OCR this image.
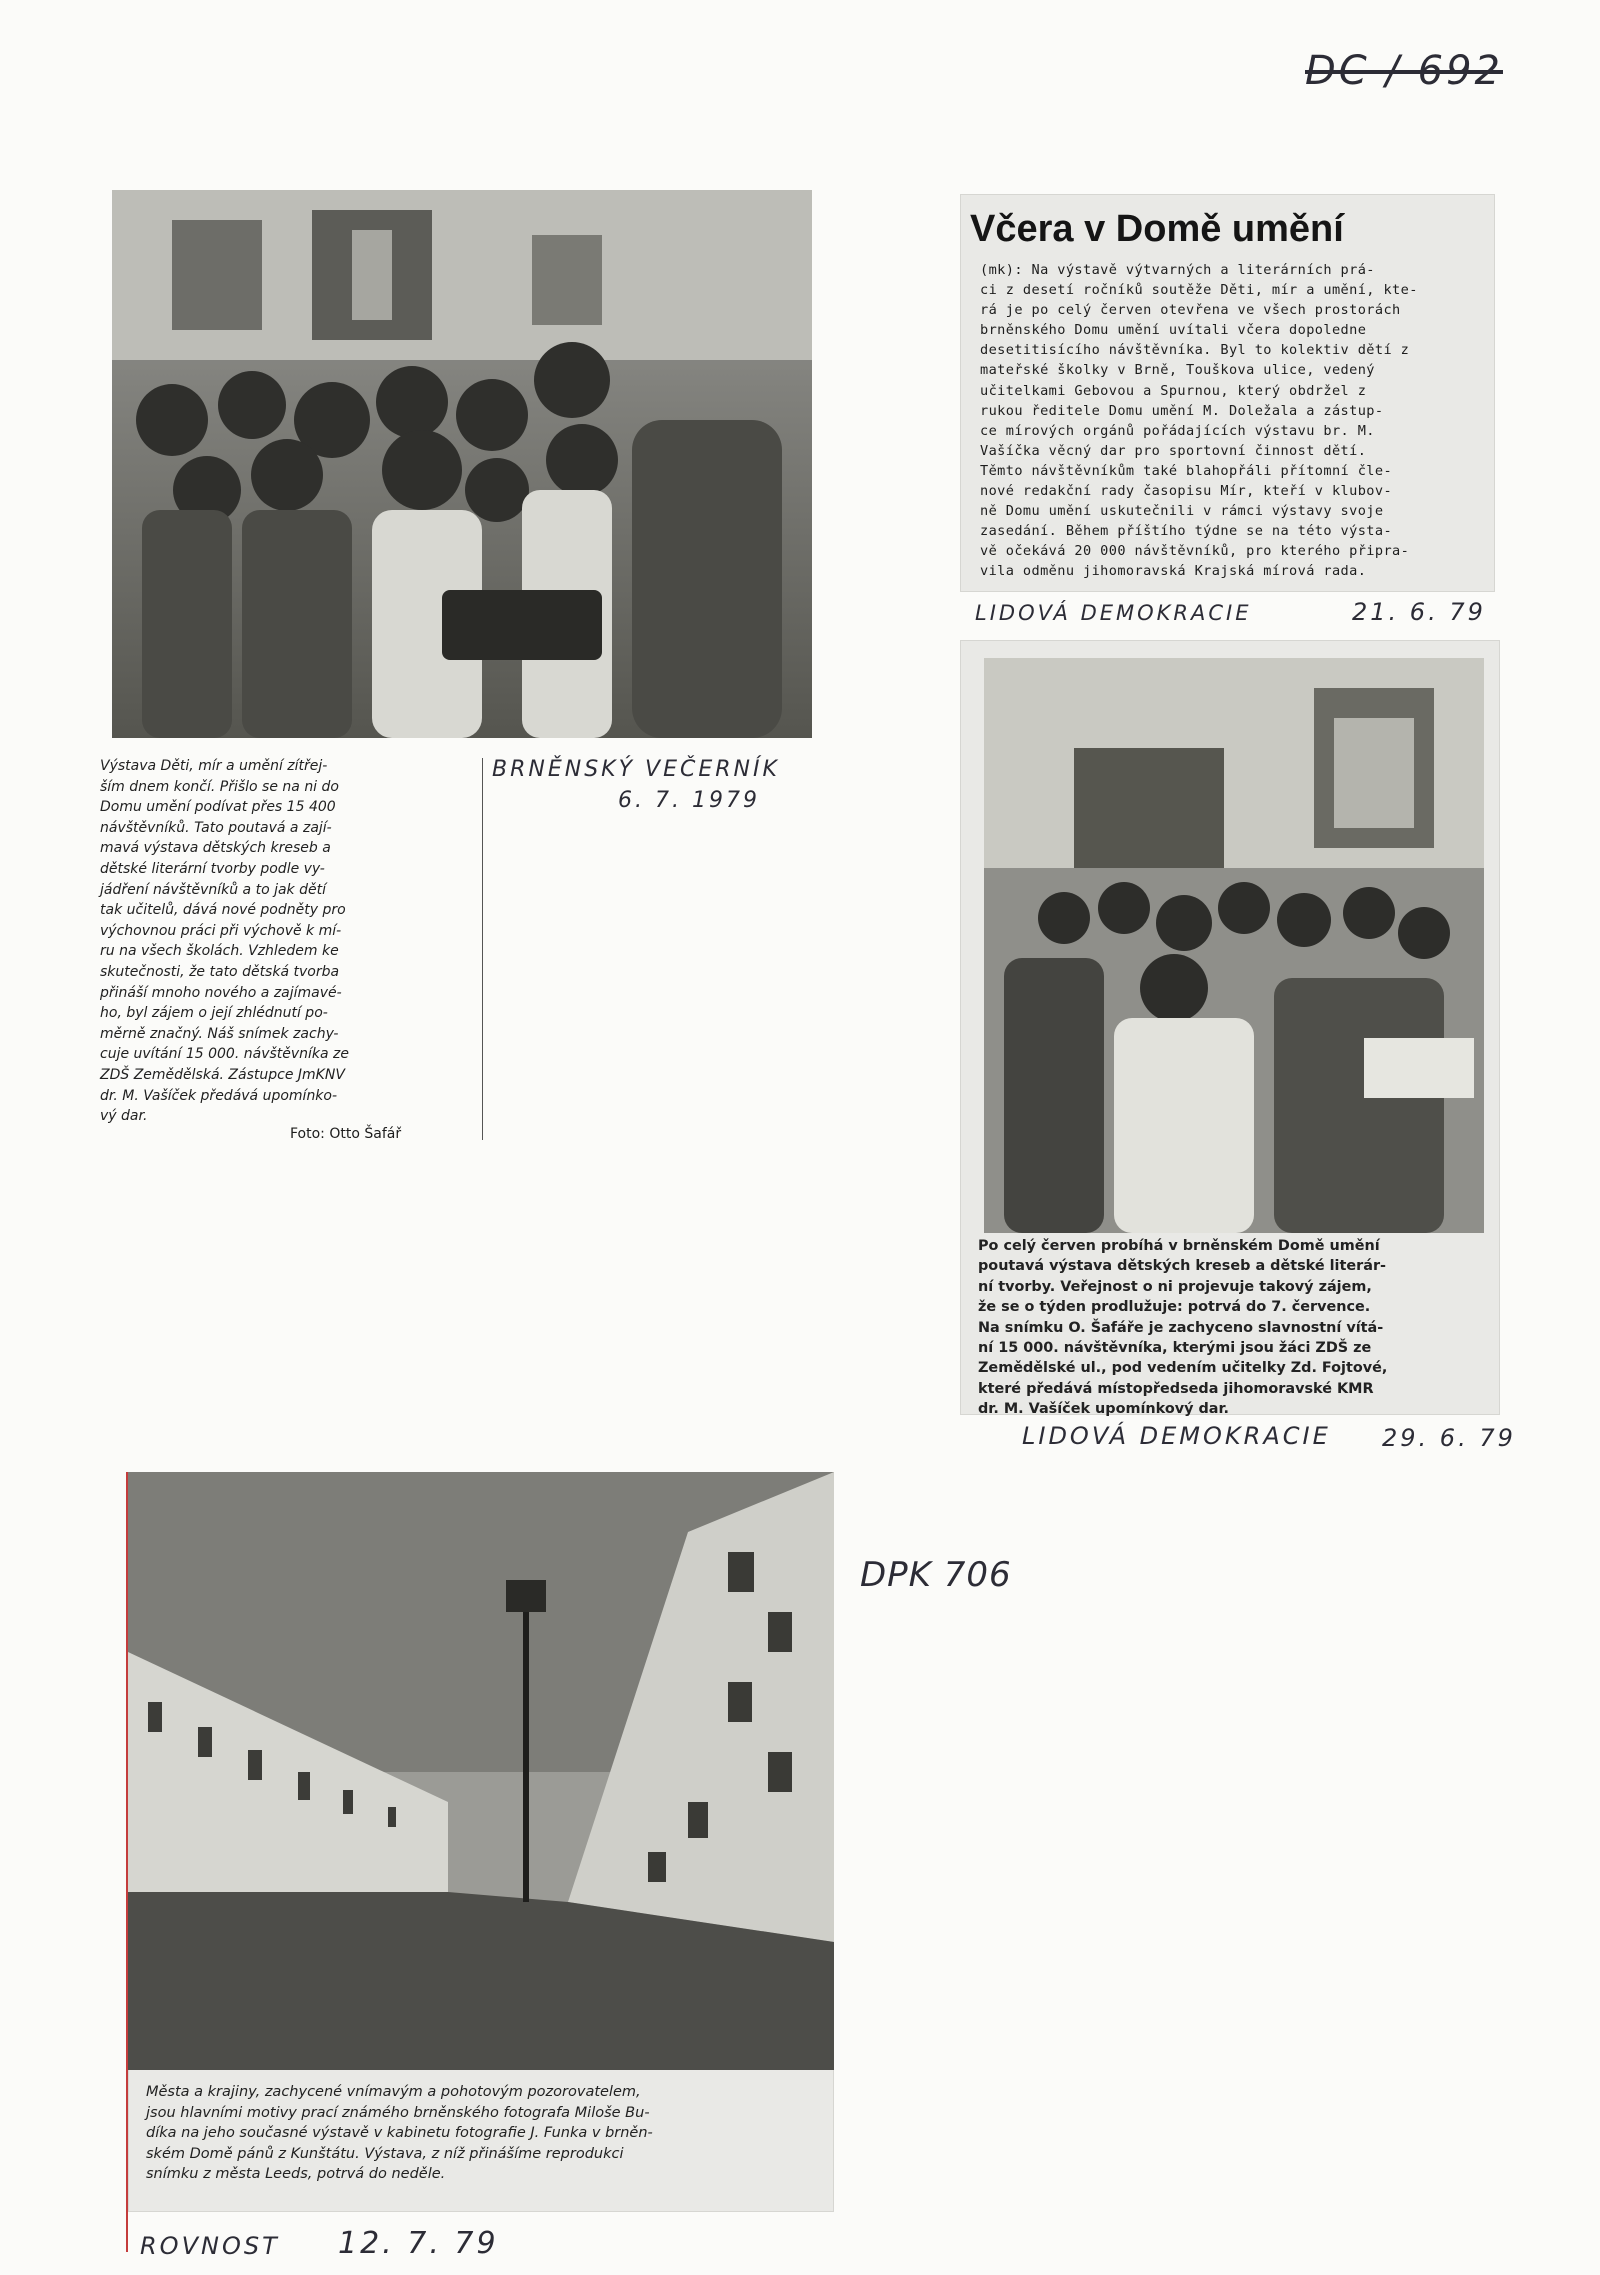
DC / 692
Výstava Děti, mír a umění zítřej-
ším dnem končí. Přišlo se na ni do
Domu umění podívat přes 15 400
návštěvníků. Tato poutavá a zají-
mavá výstava dětských kreseb a
dětské literární tvorby podle vy-
jádření návštěvníků a to jak dětí
tak učitelů, dává nové podněty pro
výchovnou práci při výchově k mí-
ru na všech školách. Vzhledem ke
skutečnosti, že tato dětská tvorba
přináší mnoho nového a zajímavé-
ho, byl zájem o její zhlédnutí po-
měrně značný. Náš snímek zachy-
cuje uvítání 15 000. návštěvníka ze
ZDŠ Zemědělská. Zástupce JmKNV
dr. M. Vašíček předává upomínko-
vý dar.
Foto: Otto Šafář
BRNĚNSKÝ VEČERNÍK
6. 7. 1979
Včera v Domě umění
(mk): Na výstavě výtvarných a literárních prá-
ci z desetí ročníků soutěže Děti, mír a umění, kte-
rá je po celý červen otevřena ve všech prostorách
brněnského Domu umění uvítali včera dopoledne
desetitisícího návštěvníka. Byl to kolektiv dětí z
mateřské školky v Brně, Touškova ulice, vedený
učitelkami Gebovou a Spurnou, který obdržel z
rukou ředitele Domu umění M. Doležala a zástup-
ce mírových orgánů pořádajících výstavu br. M.
Vašíčka věcný dar pro sportovní činnost dětí.
Těmto návštěvníkům také blahopřáli přítomní čle-
nové redakční rady časopisu Mír, kteří v klubov-
ně Domu umění uskutečnili v rámci výstavy svoje
zasedání. Během příštího týdne se na této výsta-
vě očekává 20 000 návštěvníků, pro kterého připra-
vila odměnu jihomoravská Krajská mírová rada.
LIDOVÁ DEMOKRACIE	21. 6. 79
Po celý červen probíhá v brněnském Domě umění
poutavá výstava dětských kreseb a dětské literár-
ní tvorby. Veřejnost o ni projevuje takový zájem,
že se o týden prodlužuje: potrvá do 7. července.
Na snímku O. Šafáře je zachyceno slavnostní vítá-
ní 15 000. návštěvníka, kterými jsou žáci ZDŠ ze
Zemědělské ul., pod vedením učitelky Zd. Fojtové,
které předává místopředseda jihomoravské KMR
dr. M. Vašíček upomínkový dar.
LIDOVÁ DEMOKRACIE 29. 6. 79
DPK 706
Města a krajiny, zachycené vnímavým a pohotovým pozorovatelem,
jsou hlavními motivy prací známého brněnského fotografa Miloše Bu-
díka na jeho současné výstavě v kabinetu fotografie J. Funka v brněn-
ském Domě pánů z Kunštátu. Výstava, z níž přinášíme reprodukci
snímku z města Leeds, potrvá do neděle.
ROVNOST 12. 7. 79
